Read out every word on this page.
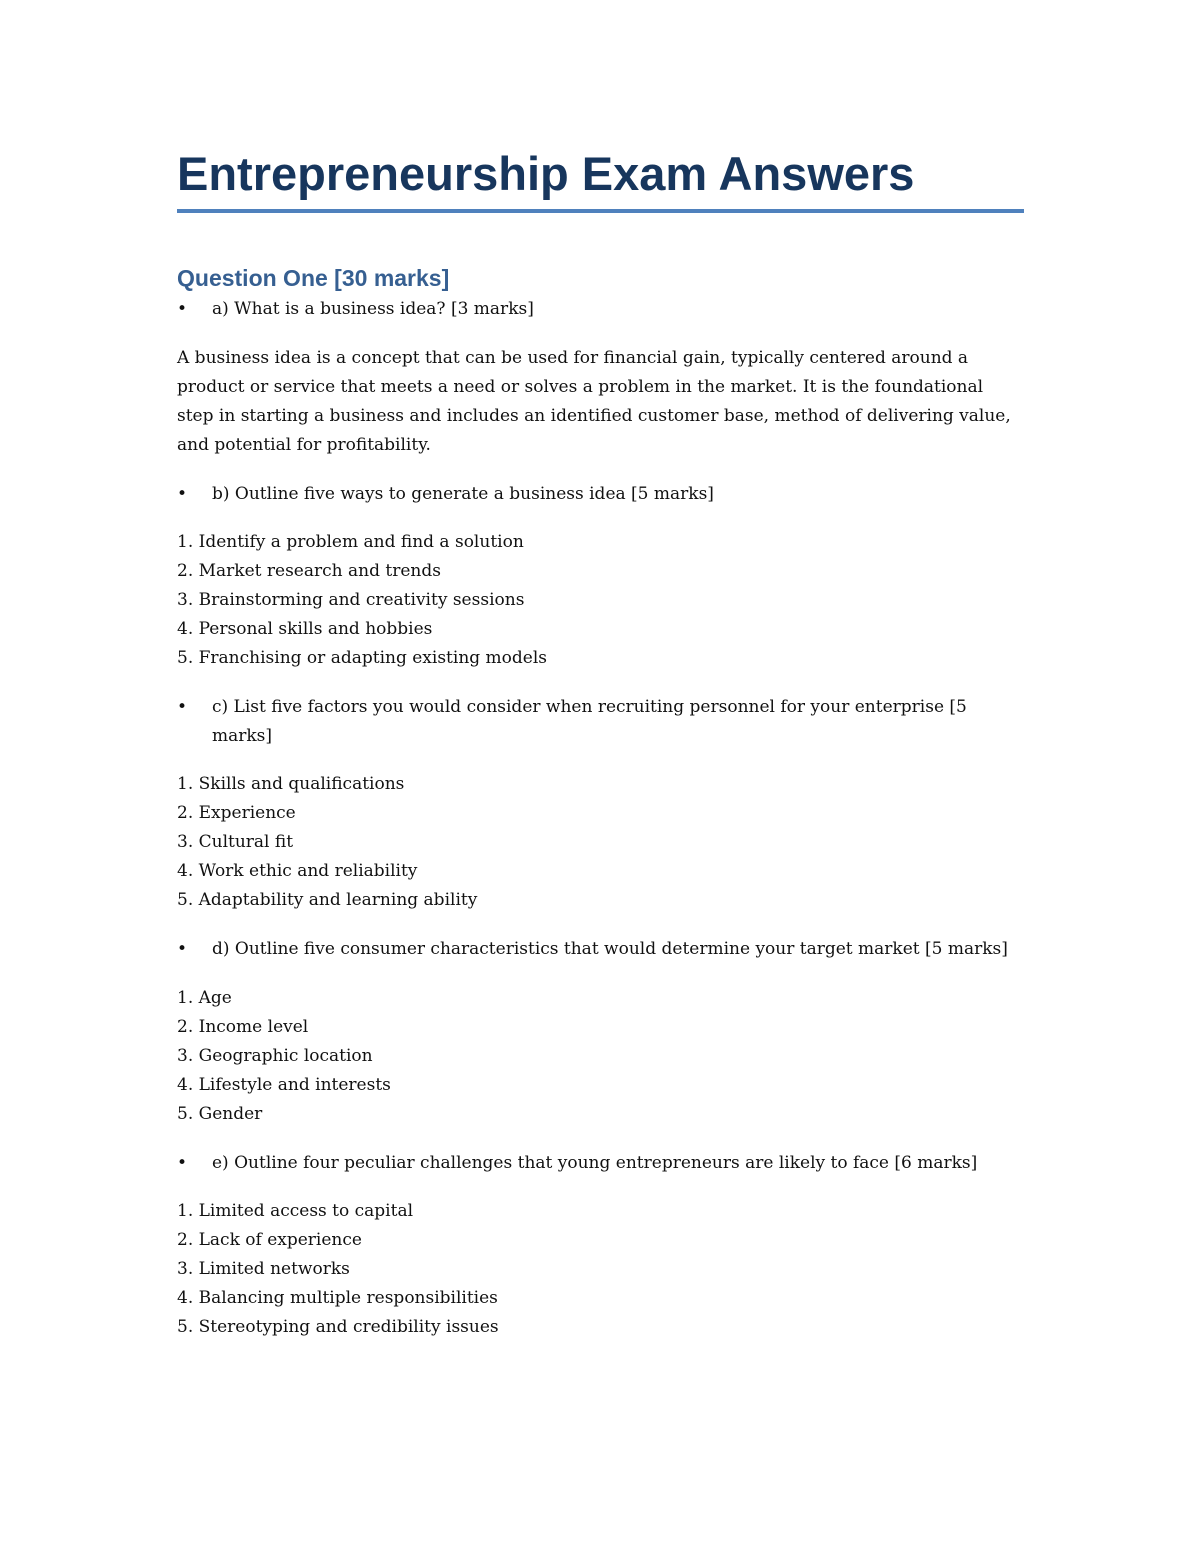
Entrepreneurship Exam Answers
Question One [30 marks]
• a) What is a business idea? [3 marks]

A business idea is a concept that can be used for financial gain, typically centered around a product or service that meets a need or solves a problem in the market. It is the foundational step in starting a business and includes an identified customer base, method of delivering value, and potential for profitability.

• b) Outline five ways to generate a business idea [5 marks]

1. Identify a problem and find a solution

2. Market research and trends

3. Brainstorming and creativity sessions

4. Personal skills and hobbies

5. Franchising or adapting existing models

• c) List five factors you would consider when recruiting personnel for your enterprise [5 marks]

1. Skills and qualifications

2. Experience

3. Cultural fit

4. Work ethic and reliability

5. Adaptability and learning ability

• d) Outline five consumer characteristics that would determine your target market [5 marks]

1. Age

2. Income level

3. Geographic location

4. Lifestyle and interests

5. Gender

• e) Outline four peculiar challenges that young entrepreneurs are likely to face [6 marks]

1. Limited access to capital

2. Lack of experience

3. Limited networks

4. Balancing multiple responsibilities

5. Stereotyping and credibility issues
